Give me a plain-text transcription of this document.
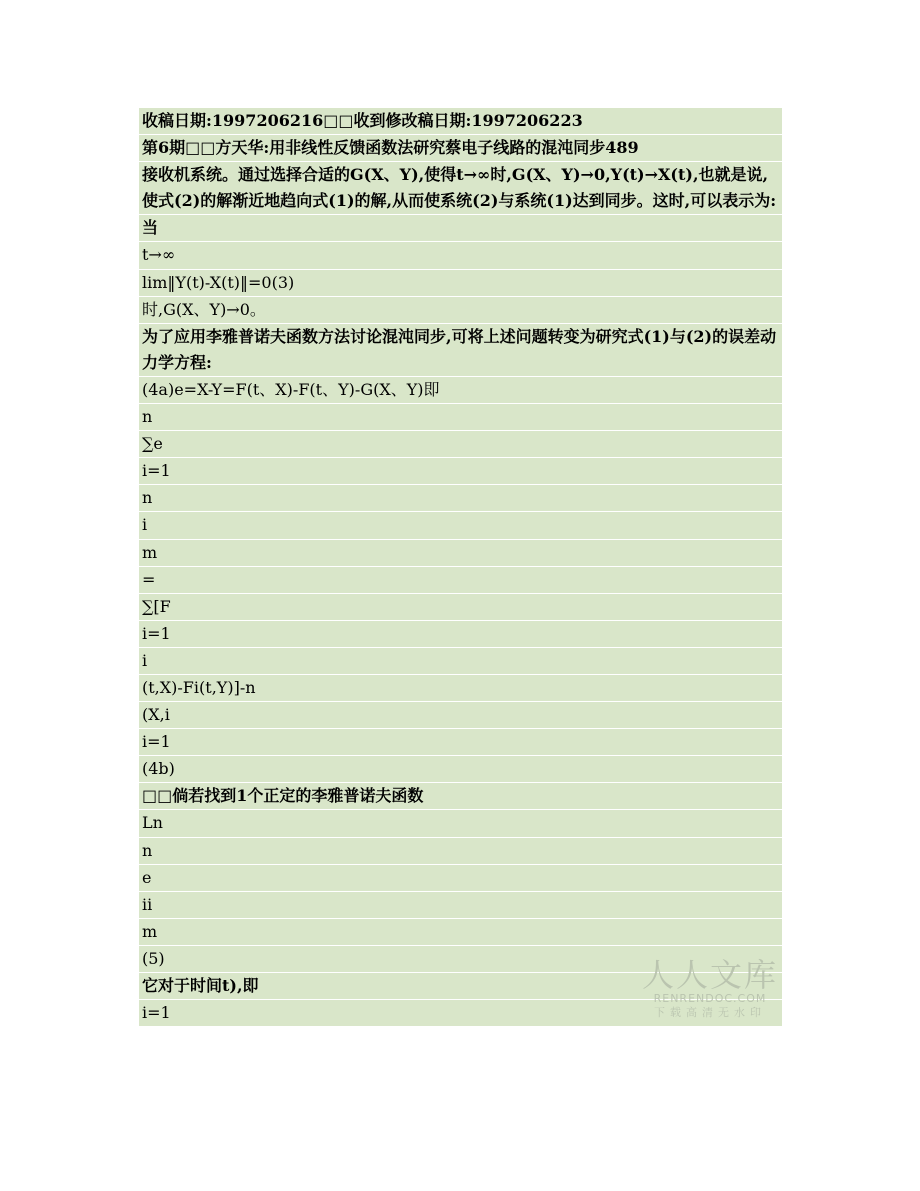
收稿日期:1997206216□□收到修改稿日期:1997206223
第6期□□方天华:用非线性反馈函数法研究蔡电子线路的混沌同步489
接收机系统。通过选择合适的G(X、Y),使得t→∞时,G(X、Y)→0,Y(t)→X(t),也就是说,使式(2)的解渐近地趋向式(1)的解,从而使系统(2)与系统(1)达到同步。这时,可以表示为:
当
t→∞
lim‖Y(t)-X(t)‖=0(3)
时,G(X、Y)→0。
为了应用李雅普诺夫函数方法讨论混沌同步,可将上述问题转变为研究式(1)与(2)的误差动力学方程:
(4a)e=X-Y=F(t、X)-F(t、Y)-G(X、Y)即
n
∑e
i=1
n
i
m
=
∑[F
i=1
i
(t,X)-Fi(t,Y)]-n
(X,i
i=1
(4b)
□□倘若找到1个正定的李雅普诺夫函数
Ln
n
e
ii
m
(5)
它对于时间t),即
i=1
人人文库
RENRENDOC.COM
下载高清无水印
